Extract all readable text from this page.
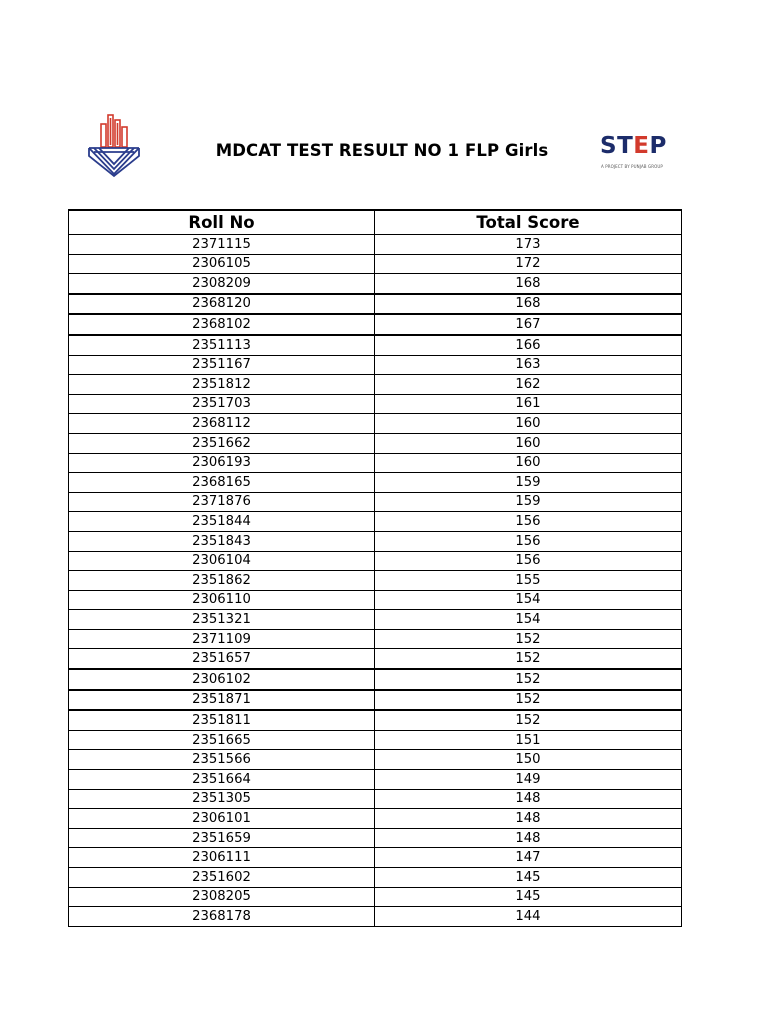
MDCAT TEST RESULT NO 1 FLP Girls	STEP
A PROJECT BY PUNJAB GROUP
Roll No	Total Score
2371115	173
2306105	172
2308209	168
2368120	168
2368102	167
2351113	166
2351167	163
2351812	162
2351703	161
2368112	160
2351662	160
2306193	160
2368165	159
2371876	159
2351844	156
2351843	156
2306104	156
2351862	155
2306110	154
2351321	154
2371109	152
2351657	152
2306102	152
2351871	152
2351811	152
2351665	151
2351566	150
2351664	149
2351305	148
2306101	148
2351659	148
2306111	147
2351602	145
2308205	145
2368178	144
